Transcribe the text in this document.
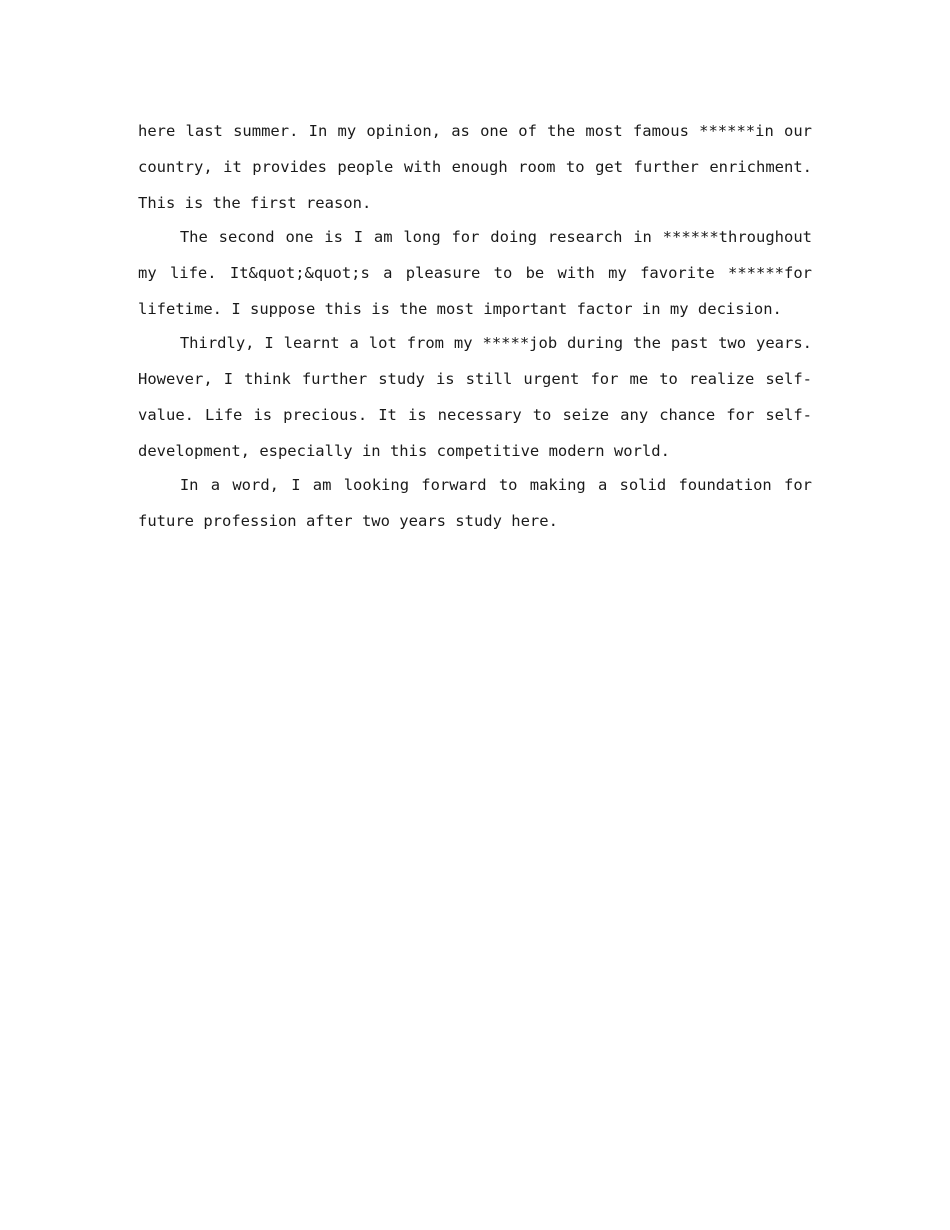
here last summer. In my opinion, as one of the most famous ******in our country, it provides people with enough room to get further enrichment. This is the first reason.

The second one is I am long for doing research in ******throughout my life. It&quot;&quot;s a pleasure to be with my favorite ******for lifetime. I suppose this is the most important factor in my decision.

Thirdly, I learnt a lot from my *****job during the past two years. However, I think further study is still urgent for me to realize self-value. Life is precious. It is necessary to seize any chance for self-development, especially in this competitive modern world.

In a word, I am looking forward to making a solid foundation for future profession after two years study here.
